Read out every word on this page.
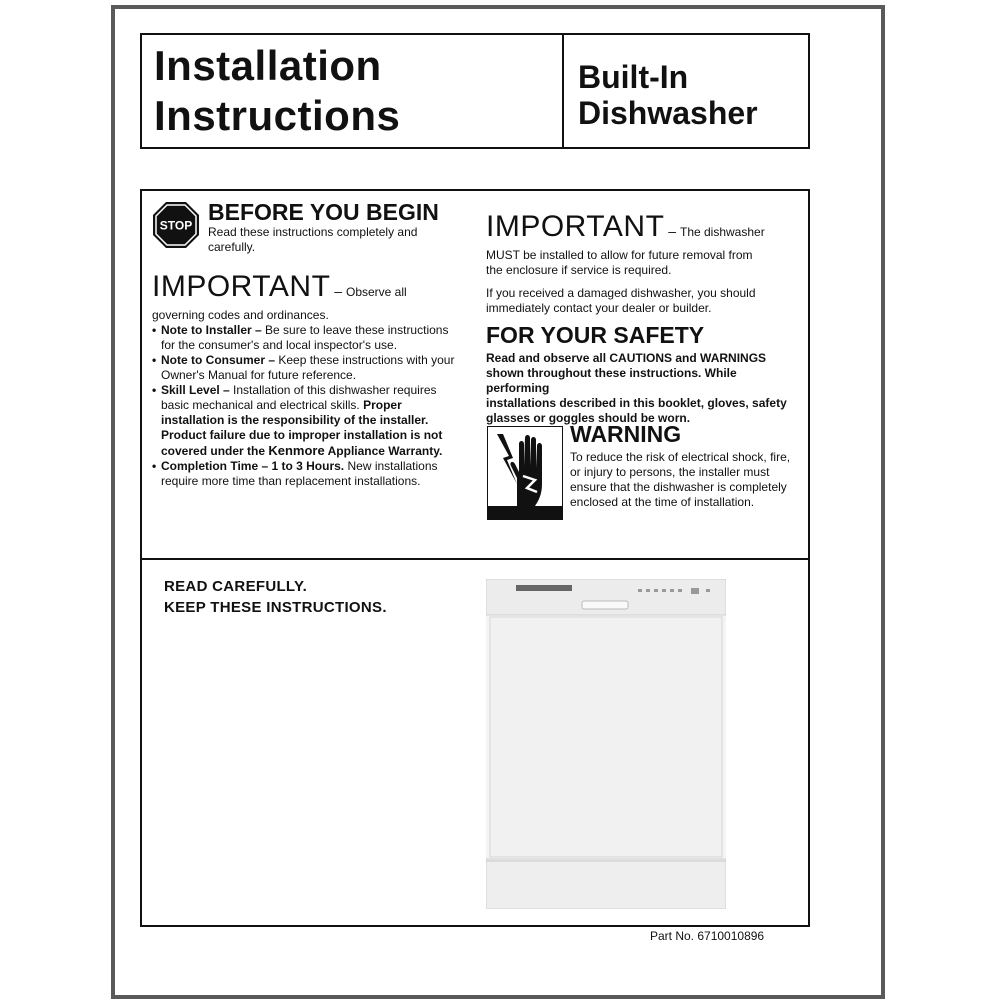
Installation
Instructions
Built-In
Dishwasher
STOP
BEFORE YOU BEGIN
Read these instructions completely and
carefully.
IMPORTANT – Observe all
governing codes and ordinances.
• Note to Installer – Be sure to leave these instructions
for the consumer's and local inspector's use.
• Note to Consumer – Keep these instructions with your
Owner's Manual for future reference.
• Skill Level – Installation of this dishwasher requires
basic mechanical and electrical skills. Proper
installation is the responsibility of the installer.
Product failure due to improper installation is not
covered under the Kenmore Appliance Warranty.
• Completion Time – 1 to 3 Hours. New installations
require more time than replacement installations.
IMPORTANT – The dishwasher
MUST be installed to allow for future removal from
the enclosure if service is required.
If you received a damaged dishwasher, you should
immediately contact your dealer or builder.
FOR YOUR SAFETY
Read and observe all CAUTIONS and WARNINGS
shown throughout these instructions. While performing
installations described in this booklet, gloves, safety
glasses or goggles should be worn.
WARNING
To reduce the risk of electrical shock, fire,
or injury to persons, the installer must
ensure that the dishwasher is completely
enclosed at the time of installation.
READ CAREFULLY.
KEEP THESE INSTRUCTIONS.
Part No. 6710010896
